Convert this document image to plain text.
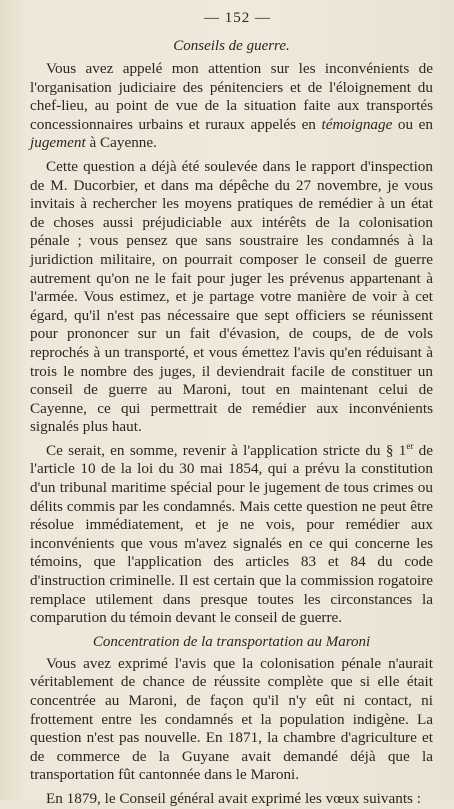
— 152 —
Conseils de guerre.

Vous avez appelé mon attention sur les inconvénients de l'organisation judiciaire des pénitenciers et de l'éloignement du chef-lieu, au point de vue de la situation faite aux transportés concessionnaires urbains et ruraux appelés en témoignage ou en jugement à Cayenne.

Cette question a déjà été soulevée dans le rapport d'inspection de M. Ducorbier, et dans ma dépêche du 27 novembre, je vous invitais à rechercher les moyens pratiques de remédier à un état de choses aussi préjudiciable aux intérêts de la colonisation pénale ; vous pensez que sans soustraire les condamnés à la juridiction militaire, on pourrait composer le conseil de guerre autrement qu'on ne le fait pour juger les prévenus appartenant à l'armée. Vous estimez, et je partage votre manière de voir à cet égard, qu'il n'est pas nécessaire que sept officiers se réunissent pour prononcer sur un fait d'évasion, de coups, de de vols reprochés à un transporté, et vous émettez l'avis qu'en réduisant à trois le nombre des juges, il deviendrait facile de constituer un conseil de guerre au Maroni, tout en maintenant celui de Cayenne, ce qui permettrait de remédier aux inconvénients signalés plus haut.

Ce serait, en somme, revenir à l'application stricte du § 1er de l'article 10 de la loi du 30 mai 1854, qui a prévu la constitution d'un tribunal maritime spécial pour le jugement de tous crimes ou délits commis par les condamnés. Mais cette question ne peut être résolue immédiatement, et je ne vois, pour remédier aux inconvénients que vous m'avez signalés en ce qui concerne les témoins, que l'application des articles 83 et 84 du code d'instruction criminelle. Il est certain que la commission rogatoire remplace utilement dans presque toutes les circonstances la comparution du témoin devant le conseil de guerre.

Concentration de la transportation au Maroni

Vous avez exprimé l'avis que la colonisation pénale n'aurait véritablement de chance de réussite complète que si elle était concentrée au Maroni, de façon qu'il n'y eût ni contact, ni frottement entre les condamnés et la population indigène. La question n'est pas nouvelle. En 1871, la chambre d'agriculture et de commerce de la Guyane avait demandé déjà que la transportation fût cantonnée dans le Maroni.

En 1879, le Conseil général avait exprimé les vœux suivants :
